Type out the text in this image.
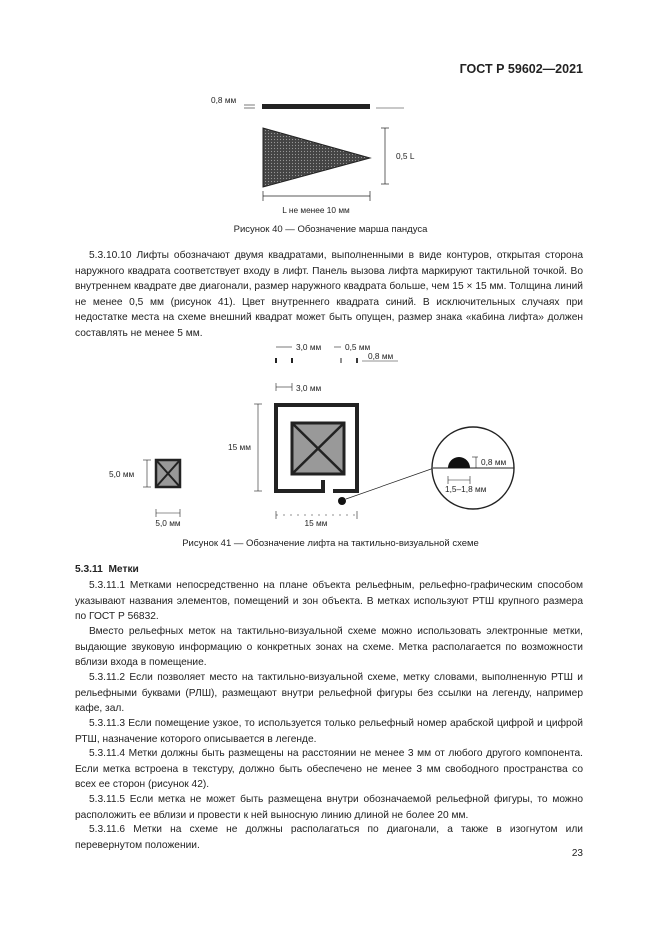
ГОСТ Р 59602—2021
0,8 мм
0,5 L
L не менее 10 мм
Рисунок 40 — Обозначение марша пандуса

5.3.10.10 Лифты обозначают двумя квадратами, выполненными в виде контуров, открытая сторона наружного квадрата соответствует входу в лифт. Панель вызова лифта маркируют тактильной точкой. Во внутреннем квадрате две диагонали, размер наружного квадрата больше, чем 15 × 15 мм. Толщина линий не менее 0,5 мм (рисунок 41). Цвет внутреннего квадрата синий. В исключительных случаях при недостатке места на схеме внешний квадрат может быть опущен, размер знака «кабина лифта» должен составлять не менее 5 мм.

3,0 мм	0,5 мм
0,8 мм
3,0 мм
15 мм
15 мм
5,0 мм
5,0 мм
0,8 мм
1,5–1,8 мм
Рисунок 41 — Обозначение лифта на тактильно-визуальной схеме
5.3.11 Метки

5.3.11.1 Метками непосредственно на плане объекта рельефным, рельефно-графическим способом указывают названия элементов, помещений и зон объекта. В метках используют РТШ крупного размера по ГОСТ Р 56832.

Вместо рельефных меток на тактильно-визуальной схеме можно использовать электронные метки, выдающие звуковую информацию о конкретных зонах на схеме. Метка располагается по возможности вблизи входа в помещение.

5.3.11.2 Если позволяет место на тактильно-визуальной схеме, метку словами, выполненную РТШ и рельефными буквами (РЛШ), размещают внутри рельефной фигуры без ссылки на легенду, например кафе, зал.

5.3.11.3 Если помещение узкое, то используется только рельефный номер арабской цифрой и цифрой РТШ, назначение которого описывается в легенде.

5.3.11.4 Метки должны быть размещены на расстоянии не менее 3 мм от любого другого компонента. Если метка встроена в текстуру, должно быть обеспечено не менее 3 мм свободного пространства со всех ее сторон (рисунок 42).

5.3.11.5 Если метка не может быть размещена внутри обозначаемой рельефной фигуры, то можно расположить ее вблизи и провести к ней выносную линию длиной не более 20 мм.

5.3.11.6 Метки на схеме не должны располагаться по диагонали, а также в изогнутом или перевернутом положении.

23
